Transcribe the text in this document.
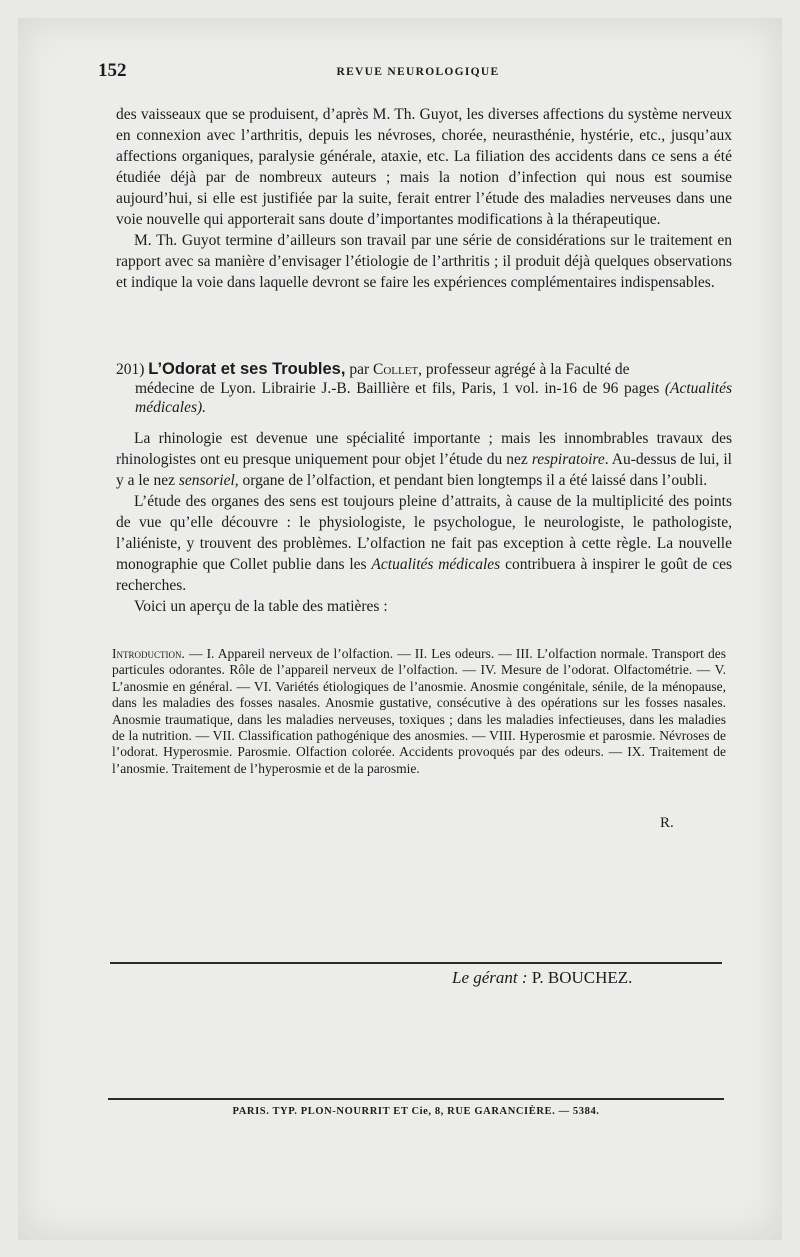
152	REVUE NEUROLOGIQUE

des vaisseaux que se produisent, d’après M. Th. Guyot, les diverses affections du système nerveux en connexion avec l’arthritis, depuis les névroses, chorée, neurasthénie, hystérie, etc., jusqu’aux affections organiques, paralysie générale, ataxie, etc. La filiation des accidents dans ce sens a été étudiée déjà par de nombreux auteurs ; mais la notion d’infection qui nous est soumise aujourd’hui, si elle est justifiée par la suite, ferait entrer l’étude des maladies nerveuses dans une voie nouvelle qui apporterait sans doute d’importantes modifications à la thérapeutique.

M. Th. Guyot termine d’ailleurs son travail par une série de considérations sur le traitement en rapport avec sa manière d’envisager l’étiologie de l’arthritis ; il produit déjà quelques observations et indique la voie dans laquelle devront se faire les expériences complémentaires indispensables.

201) L’Odorat et ses Troubles, par Collet, professeur agrégé à la Faculté de
médecine de Lyon. Librairie J.-B. Baillière et fils, Paris, 1 vol. in-16 de 96 pages (Actualités médicales).

La rhinologie est devenue une spécialité importante ; mais les innombrables travaux des rhinologistes ont eu presque uniquement pour objet l’étude du nez respiratoire. Au-dessus de lui, il y a le nez sensoriel, organe de l’olfaction, et pendant bien longtemps il a été laissé dans l’oubli.

L’étude des organes des sens est toujours pleine d’attraits, à cause de la multiplicité des points de vue qu’elle découvre : le physiologiste, le psychologue, le neurologiste, le pathologiste, l’aliéniste, y trouvent des problèmes. L’olfaction ne fait pas exception à cette règle. La nouvelle monographie que Collet publie dans les Actualités médicales contribuera à inspirer le goût de ces recherches.

Voici un aperçu de la table des matières :

Introduction. — I. Appareil nerveux de l’olfaction. — II. Les odeurs. — III. L’olfaction normale. Transport des particules odorantes. Rôle de l’appareil nerveux de l’olfaction. — IV. Mesure de l’odorat. Olfactométrie. — V. L’anosmie en général. — VI. Variétés étiologiques de l’anosmie. Anosmie congénitale, sénile, de la ménopause, dans les maladies des fosses nasales. Anosmie gustative, consécutive à des opérations sur les fosses nasales. Anosmie traumatique, dans les maladies nerveuses, toxiques ; dans les maladies infectieuses, dans les maladies de la nutrition. — VII. Classification pathogénique des anosmies. — VIII. Hyperosmie et parosmie. Névroses de l’odorat. Hyperosmie. Parosmie. Olfaction colorée. Accidents provoqués par des odeurs. — IX. Traitement de l’anosmie. Traitement de l’hyperosmie et de la parosmie.
R.
Le gérant : P. BOUCHEZ.
PARIS. TYP. PLON-NOURRIT ET Cie, 8, RUE GARANCIÈRE. — 5384.
